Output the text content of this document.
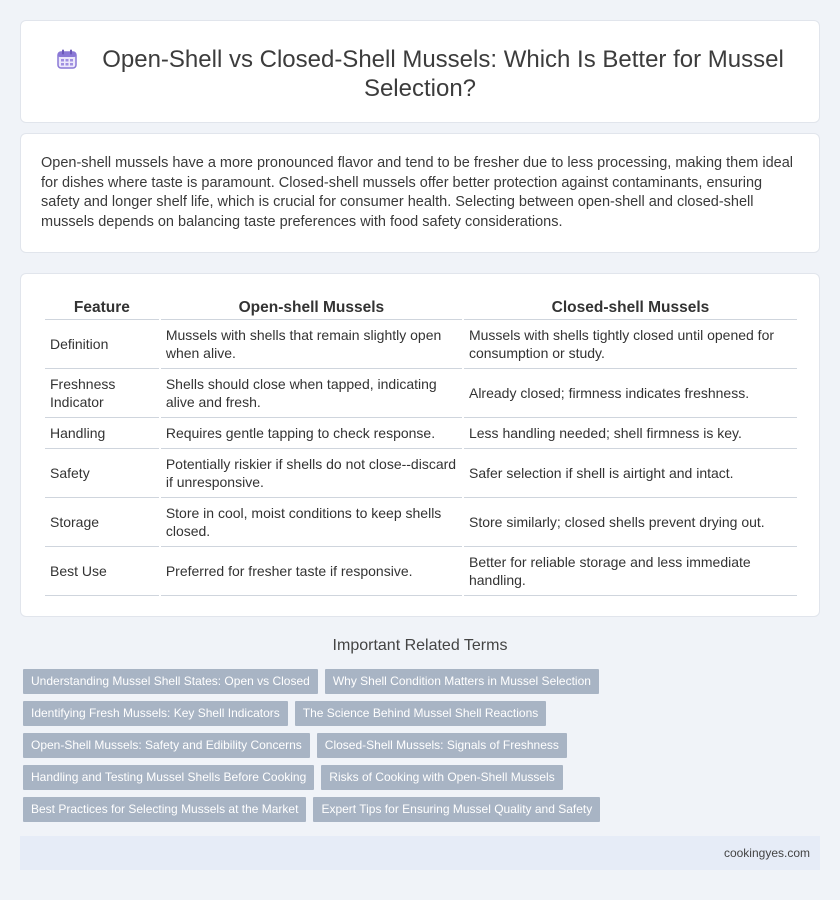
Open-Shell vs Closed-Shell Mussels: Which Is Better for Mussel Selection?

Open-shell mussels have a more pronounced flavor and tend to be fresher due to less processing, making them ideal for dishes where taste is paramount. Closed-shell mussels offer better protection against contaminants, ensuring safety and longer shelf life, which is crucial for consumer health. Selecting between open-shell and closed-shell mussels depends on balancing taste preferences with food safety considerations.

Feature	Open-shell Mussels	Closed-shell Mussels
Definition	Mussels with shells that remain slightly open when alive.	Mussels with shells tightly closed until opened for consumption or study.
Freshness Indicator	Shells should close when tapped, indicating alive and fresh.	Already closed; firmness indicates freshness.
Handling	Requires gentle tapping to check response.	Less handling needed; shell firmness is key.
Safety	Potentially riskier if shells do not close--discard if unresponsive.	Safer selection if shell is airtight and intact.
Storage	Store in cool, moist conditions to keep shells closed.	Store similarly; closed shells prevent drying out.
Best Use	Preferred for fresher taste if responsive.	Better for reliable storage and less immediate handling.
Important Related Terms
Understanding Mussel Shell States: Open vs Closed Why Shell Condition Matters in Mussel Selection
Identifying Fresh Mussels: Key Shell Indicators The Science Behind Mussel Shell Reactions
Open-Shell Mussels: Safety and Edibility Concerns Closed-Shell Mussels: Signals of Freshness
Handling and Testing Mussel Shells Before Cooking Risks of Cooking with Open-Shell Mussels
Best Practices for Selecting Mussels at the Market Expert Tips for Ensuring Mussel Quality and Safety
cookingyes.com
